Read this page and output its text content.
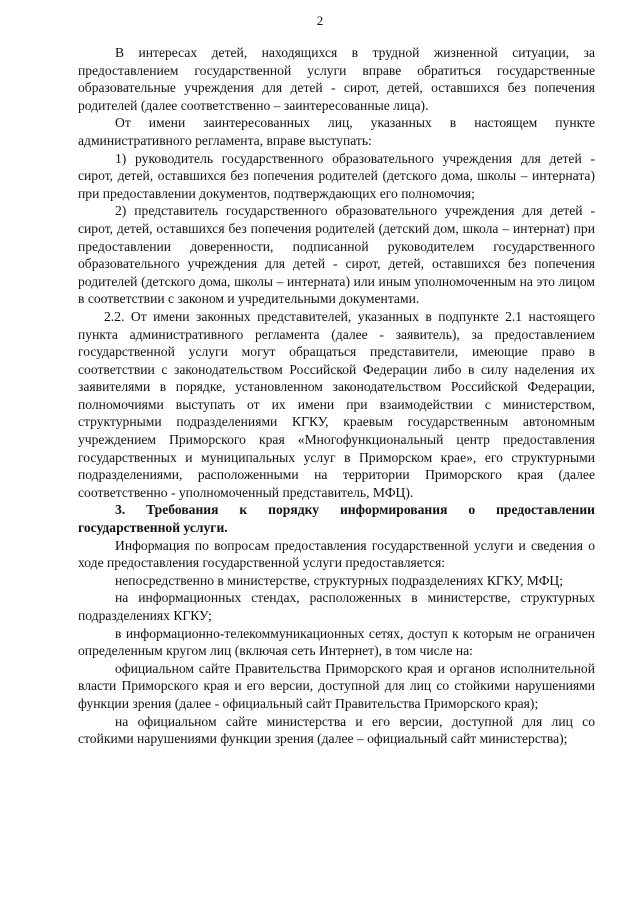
2

В интересах детей, находящихся в трудной жизненной ситуации, за предоставлением государственной услуги вправе обратиться государственные образовательные учреждения для детей - сирот, детей, оставшихся без попечения родителей (далее соответственно – заинтересованные лица).

От имени заинтересованных лиц, указанных в настоящем пункте административного регламента, вправе выступать:

1) руководитель государственного образовательного учреждения для детей - сирот, детей, оставшихся без попечения родителей (детского дома, школы – интерната) при предоставлении документов, подтверждающих его полномочия;

2) представитель государственного образовательного учреждения для детей - сирот, детей, оставшихся без попечения родителей (детский дом, школа – интернат) при предоставлении доверенности, подписанной руководителем государственного образовательного учреждения для детей - сирот, детей, оставшихся без попечения родителей (детского дома, школы – интерната) или иным уполномоченным на это лицом в соответствии с законом и учредительными документами.

2.2. От имени законных представителей, указанных в подпункте 2.1 настоящего пункта административного регламента (далее - заявитель), за предоставлением государственной услуги могут обращаться представители, имеющие право в соответствии с законодательством Российской Федерации либо в силу наделения их заявителями в порядке, установленном законодательством Российской Федерации, полномочиями выступать от их имени при взаимодействии с министерством, структурными подразделениями КГКУ, краевым государственным автономным учреждением Приморского края «Многофункциональный центр предоставления государственных и муниципальных услуг в Приморском крае», его структурными подразделениями, расположенными на территории Приморского края (далее соответственно - уполномоченный представитель, МФЦ).

3. Требования к порядку информирования о предоставлении государственной услуги.

Информация по вопросам предоставления государственной услуги и сведения о ходе предоставления государственной услуги предоставляется:

непосредственно в министерстве, структурных подразделениях КГКУ, МФЦ;

на информационных стендах, расположенных в министерстве, структурных подразделениях КГКУ;

в информационно-телекоммуникационных сетях, доступ к которым не ограничен определенным кругом лиц (включая сеть Интернет), в том числе на:

официальном сайте Правительства Приморского края и органов исполнительной власти Приморского края и его версии, доступной для лиц со стойкими нарушениями функции зрения (далее - официальный сайт Правительства Приморского края);

на официальном сайте министерства и его версии, доступной для лиц со стойкими нарушениями функции зрения (далее – официальный сайт министерства);
